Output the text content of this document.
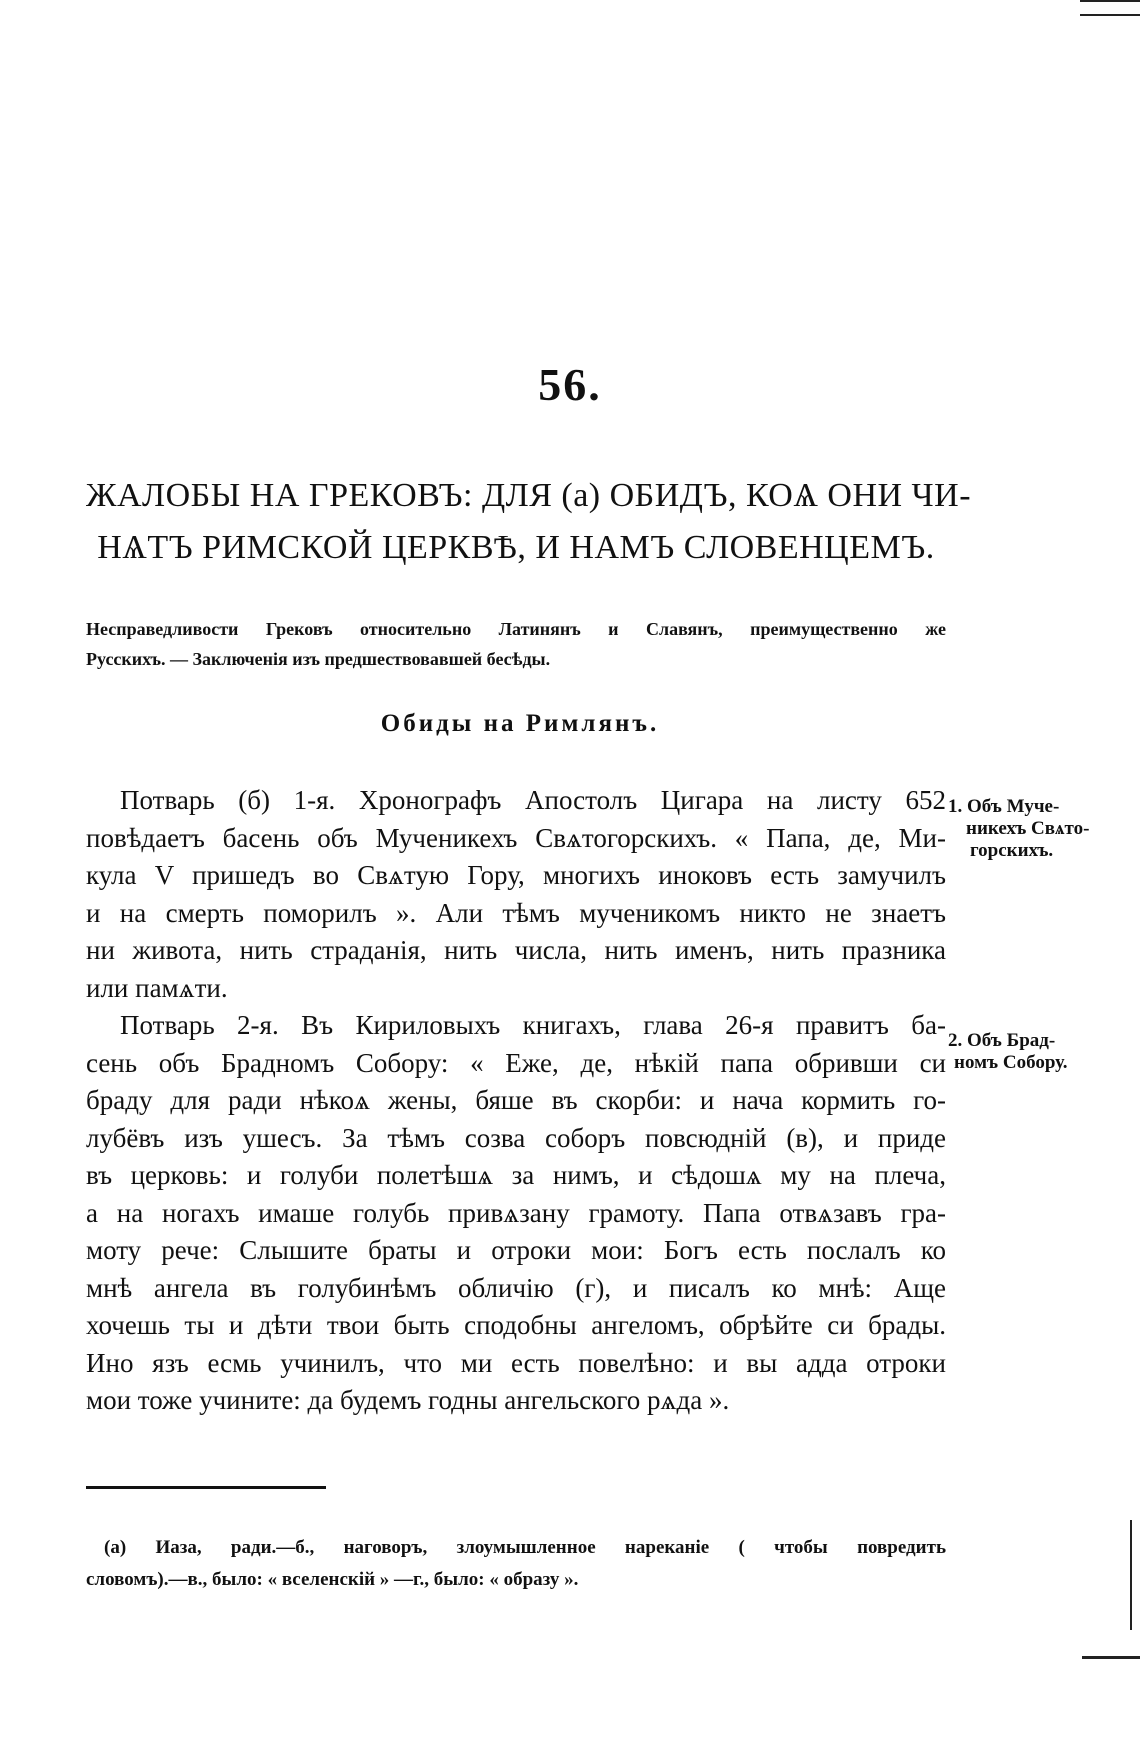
56.
ЖАЛОБЫ НА ГРЕКОВЪ: ДЛЯ (а) ОБИДЪ, КОѦ ОНИ ЧИ-
НѦТЪ РИМСКОЙ ЦЕРКВѢ, И НАМЪ СЛОВЕНЦЕМЪ.
Несправедливости Грековъ относительно Латинянъ и Славянъ, преимущественно же
Русскихъ. — Заключенія изъ предшествовавшей бесѣды.
Обиды на Римлянъ.
Потварь (б) 1-я. Хронографъ Апостолъ Цигара на листу 652
повѣдаетъ басень объ Мученикехъ Свѧтогорскихъ. « Папа, де, Ми-
кула V пришедъ во Свѧтую Гору, многихъ иноковъ есть замучилъ
и на смерть поморилъ ». Али тѣмъ мученикомъ никто не знаетъ
ни живота, нить страданія, нить числа, нить именъ, нить празника
или памѧти.
Потварь 2-я. Въ Кириловыхъ книгахъ, глава 26-я правитъ ба-
сень объ Брадномъ Собору: « Еже, де, нѣкій папа обривши си
браду для ради нѣкоѧ жены, бяше въ скорби: и нача кормить го-
лубёвъ изъ ушесъ. За тѣмъ созва соборъ повсюднiй (в), и приде
въ церковь: и голуби полетѣшѧ за нимъ, и сѣдошѧ му на плеча,
а на ногахъ имаше голубь привѧзану грамоту. Папа отвѧзавъ гра-
моту рече: Слышите браты и отроки мои: Богъ есть послалъ ко
мнѣ ангела въ голубинѣмъ обличію (г), и писалъ ко мнѣ: Аще
хочешь ты и дѣти твои быть сподобны ангеломъ, обрѣйте си брады.
Ино язъ есмь учинилъ, что ми есть повелѣно: и вы адда отроки
мои тоже учините: да будемъ годны ангельского рѧда ».
1. Объ Муче-
никехъ Свѧто-
горскихъ.
2. Объ Брад-
номъ Собору.
(а) Иаза, ради.—б., наговоръ, злоумышленное нареканіе ( чтобы повредить
словомъ).—в., было: « вселенскій » —г., было: « образу ».
